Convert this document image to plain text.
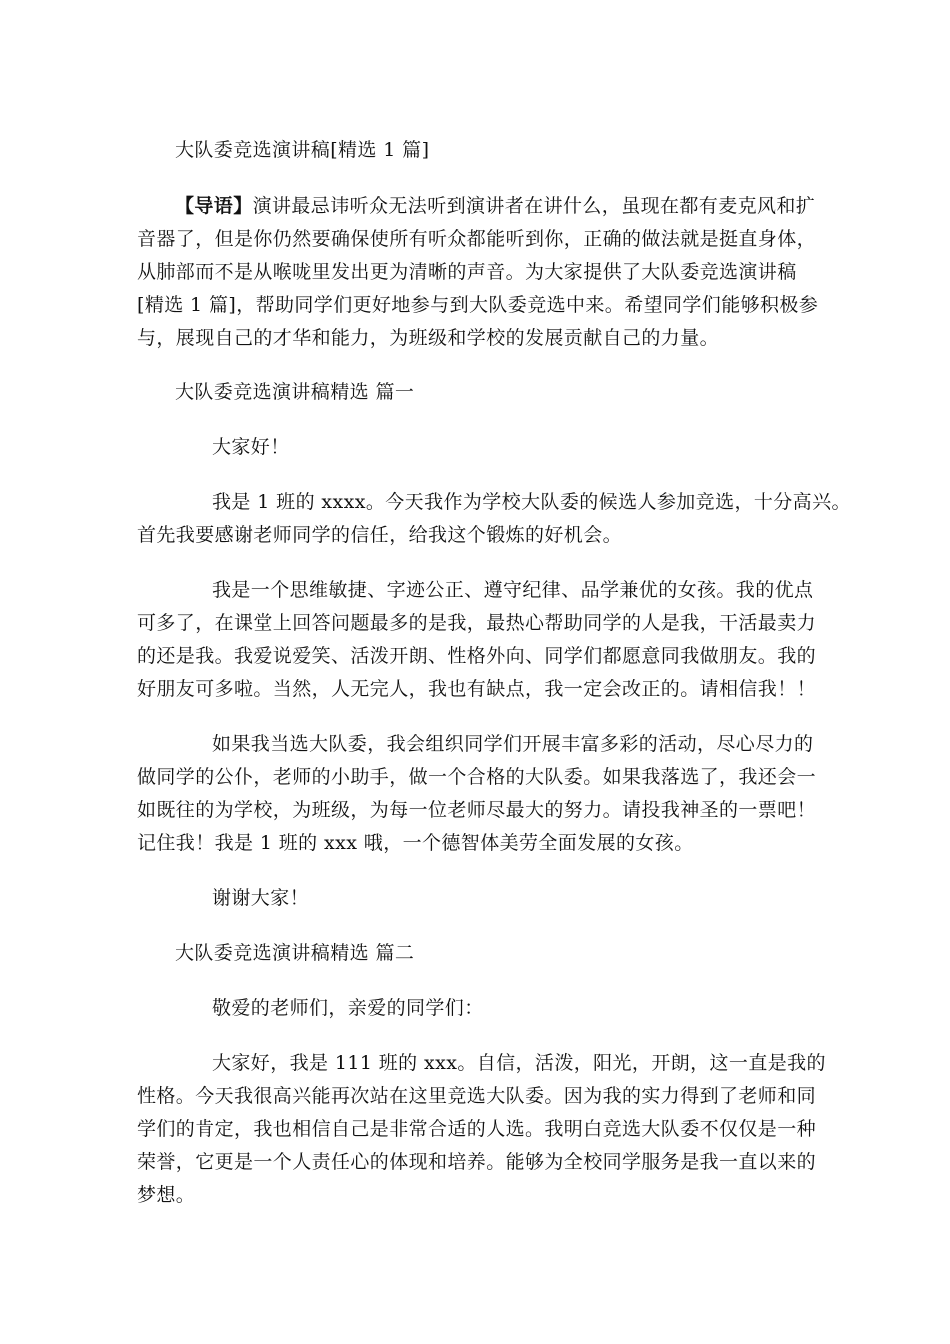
大队委竞选演讲稿[精选 1 篇]
【导语】演讲最忌讳听众无法听到演讲者在讲什么，虽现在都有麦克风和扩
音器了，但是你仍然要确保使所有听众都能听到你，正确的做法就是挺直身体，
从肺部而不是从喉咙里发出更为清晰的声音。为大家提供了大队委竞选演讲稿
[精选 1 篇]，帮助同学们更好地参与到大队委竞选中来。希望同学们能够积极参
与，展现自己的才华和能力，为班级和学校的发展贡献自己的力量。
大队委竞选演讲稿精选 篇一
大家好！
我是 1 班的 xxxx。今天我作为学校大队委的候选人参加竞选，十分高兴。
首先我要感谢老师同学的信任，给我这个锻炼的好机会。
我是一个思维敏捷、字迹公正、遵守纪律、品学兼优的女孩。我的优点
可多了，在课堂上回答问题最多的是我，最热心帮助同学的人是我，干活最卖力
的还是我。我爱说爱笑、活泼开朗、性格外向、同学们都愿意同我做朋友。我的
好朋友可多啦。当然，人无完人，我也有缺点，我一定会改正的。请相信我！！
如果我当选大队委，我会组织同学们开展丰富多彩的活动，尽心尽力的
做同学的公仆，老师的小助手，做一个合格的大队委。如果我落选了，我还会一
如既往的为学校，为班级，为每一位老师尽最大的努力。请投我神圣的一票吧！
记住我！我是 1 班的 xxx 哦，一个德智体美劳全面发展的女孩。
谢谢大家！
大队委竞选演讲稿精选 篇二
敬爱的老师们，亲爱的同学们：
大家好，我是 111 班的 xxx。自信，活泼，阳光，开朗，这一直是我的
性格。今天我很高兴能再次站在这里竞选大队委。因为我的实力得到了老师和同
学们的肯定，我也相信自己是非常合适的人选。我明白竞选大队委不仅仅是一种
荣誉，它更是一个人责任心的体现和培养。能够为全校同学服务是我一直以来的
梦想。
